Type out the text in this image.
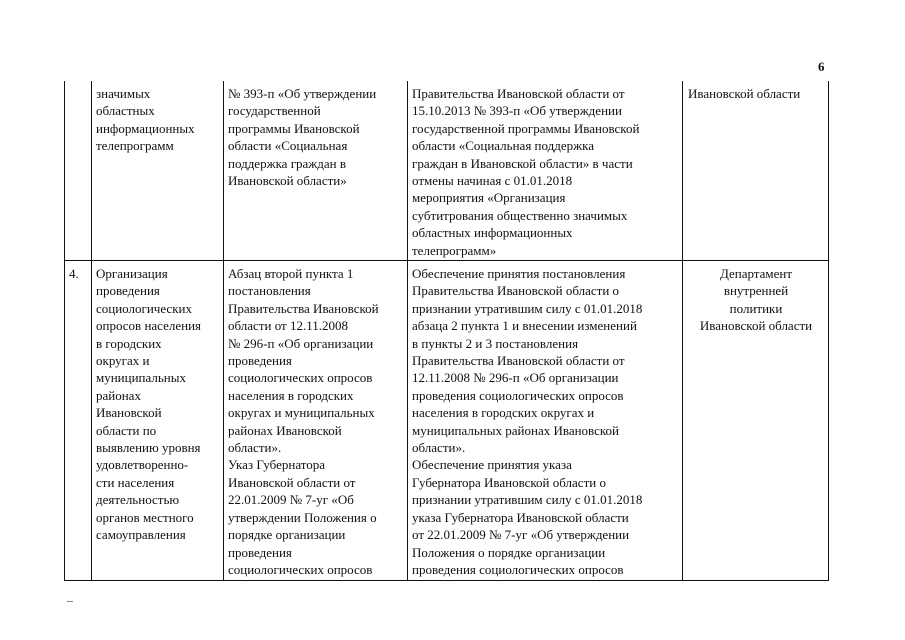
6
значимых
областных
информационных
телепрограмм
№ 393-п «Об утверждении
государственной
программы Ивановской
области «Социальная
поддержка граждан в
Ивановской области»
Правительства Ивановской области от
15.10.2013 № 393-п «Об утверждении
государственной программы Ивановской
области «Социальная поддержка
граждан в Ивановской области» в части
отмены начиная с 01.01.2018
мероприятия «Организация
субтитрования общественно значимых
областных информационных
телепрограмм»
Ивановской области
4.	Организация
проведения
социологических
опросов населения
в городских
округах и
муниципальных
районах
Ивановской
области по
выявлению уровня
удовлетворенно-
сти населения
деятельностью
органов местного
самоуправления
Абзац второй пункта 1
постановления
Правительства Ивановской
области от 12.11.2008
№ 296-п «Об организации
проведения
социологических опросов
населения в городских
округах и муниципальных
районах Ивановской
области».
Указ Губернатора
Ивановской области от
22.01.2009 № 7-уг «Об
утверждении Положения о
порядке организации
проведения
социологических опросов
Обеспечение принятия постановления
Правительства Ивановской области о
признании утратившим силу с 01.01.2018
абзаца 2 пункта 1 и внесении изменений
в пункты 2 и 3 постановления
Правительства Ивановской области от
12.11.2008 № 296-п «Об организации
проведения социологических опросов
населения в городских округах и
муниципальных районах Ивановской
области».
Обеспечение принятия указа
Губернатора Ивановской области о
признании утратившим силу с 01.01.2018
указа Губернатора Ивановской области
от 22.01.2009 № 7-уг «Об утверждении
Положения о порядке организации
проведения социологических опросов
Департамент
внутренней
политики
Ивановской области
